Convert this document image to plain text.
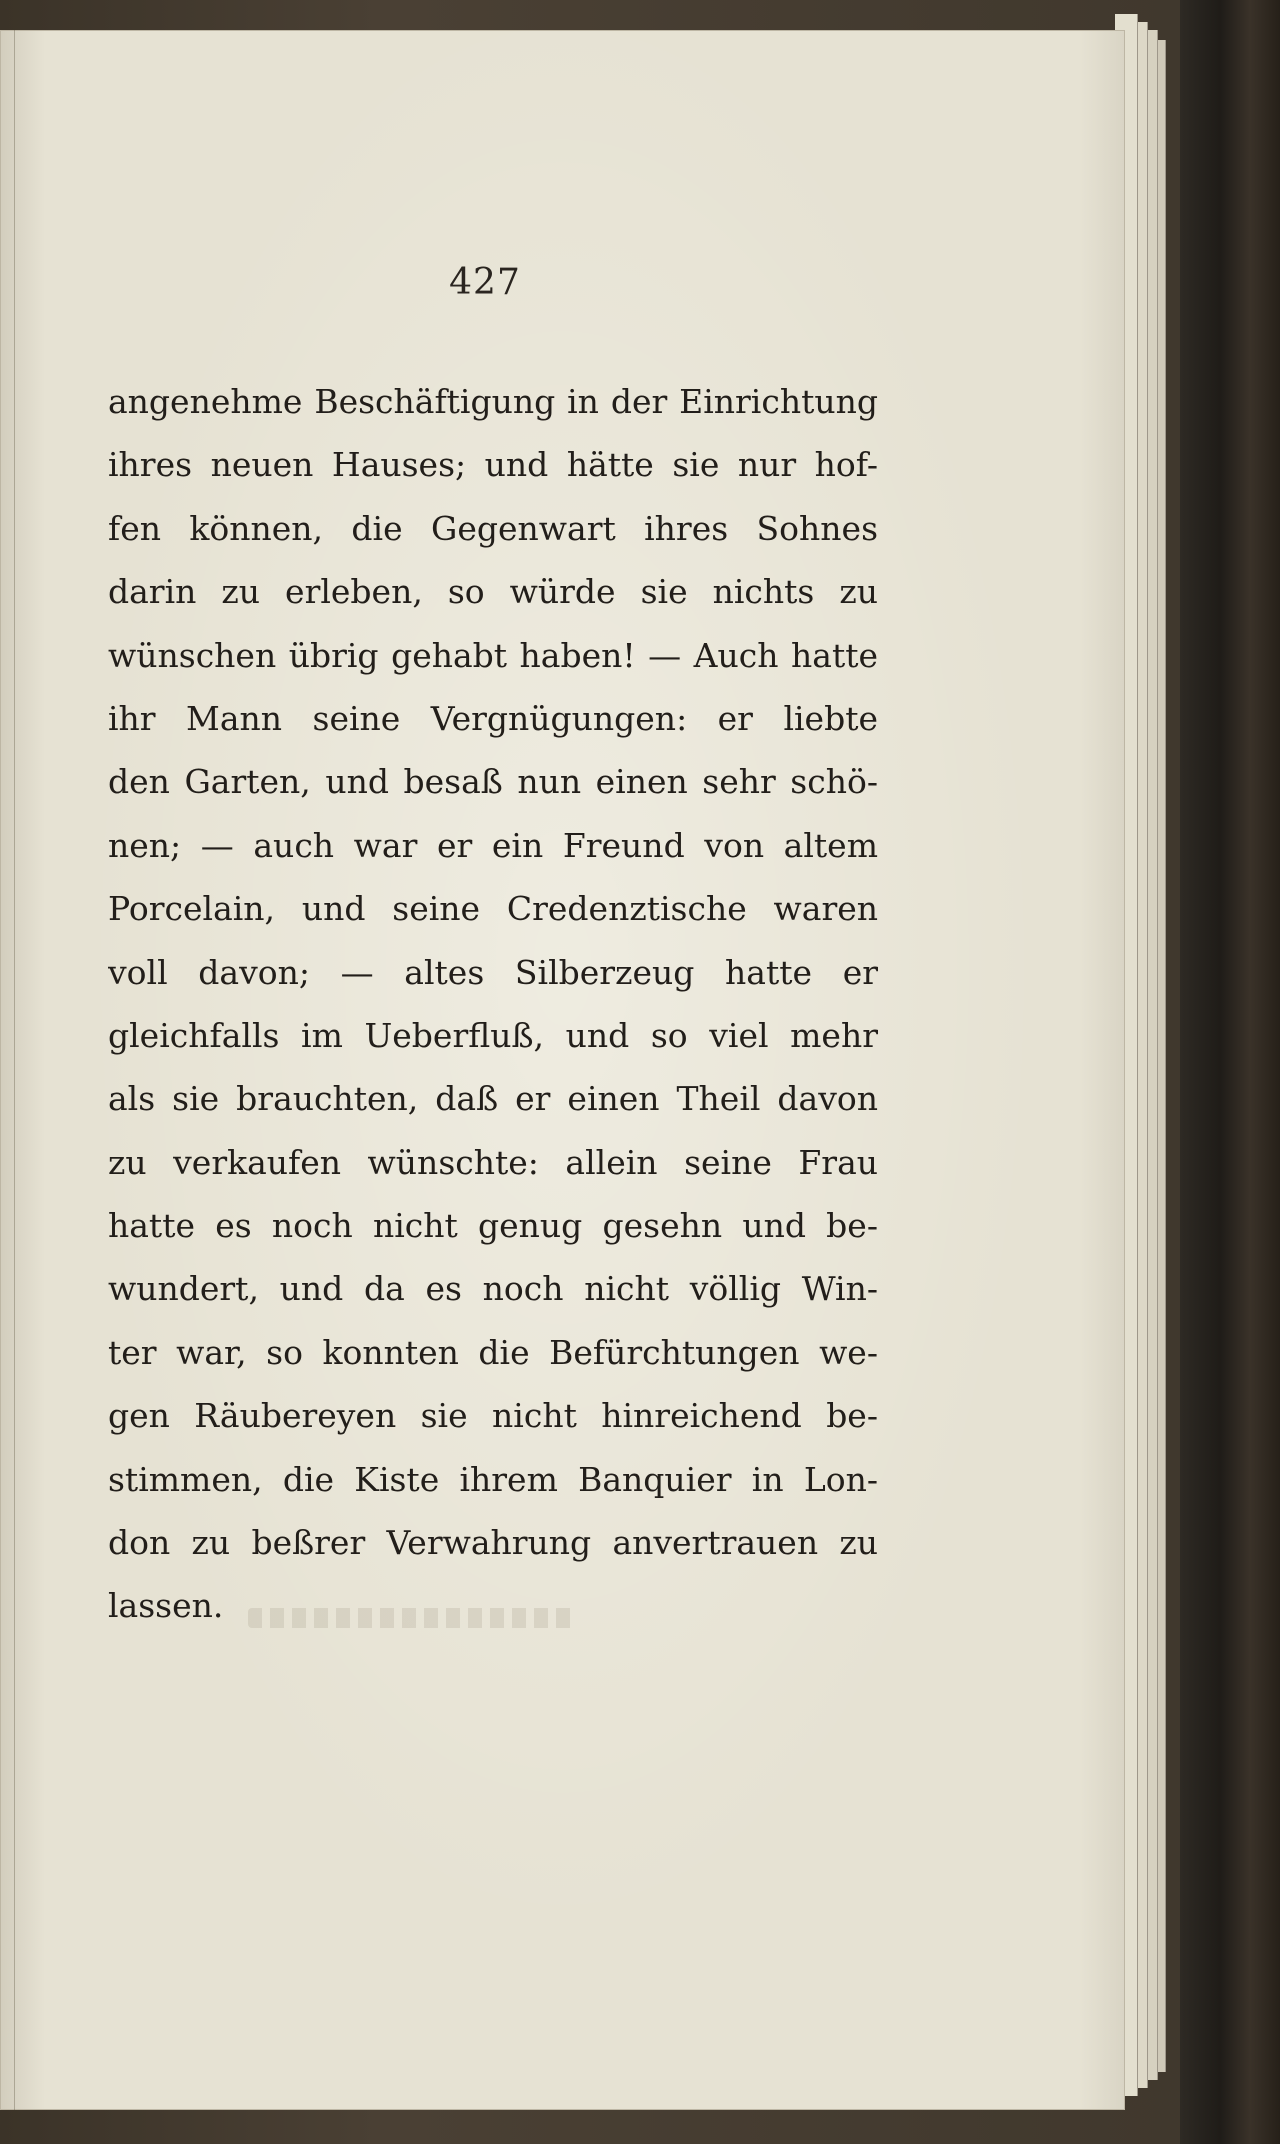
427
angenehme Beschäftigung in der Einrichtung
ihres neuen Hauses; und hätte sie nur hof-
fen können, die Gegenwart ihres Sohnes
darin zu erleben, so würde sie nichts zu
wünschen übrig gehabt haben! — Auch hatte
ihr Mann seine Vergnügungen: er liebte
den Garten, und besaß nun einen sehr schö-
nen; — auch war er ein Freund von altem
Porcelain, und seine Credenztische waren
voll davon; — altes Silberzeug hatte er
gleichfalls im Ueberfluß, und so viel mehr
als sie brauchten, daß er einen Theil davon
zu verkaufen wünschte: allein seine Frau
hatte es noch nicht genug gesehn und be-
wundert, und da es noch nicht völlig Win-
ter war, so konnten die Befürchtungen we-
gen Räubereyen sie nicht hinreichend be-
stimmen, die Kiste ihrem Banquier in Lon-
don zu beßrer Verwahrung anvertrauen zu
lassen.
